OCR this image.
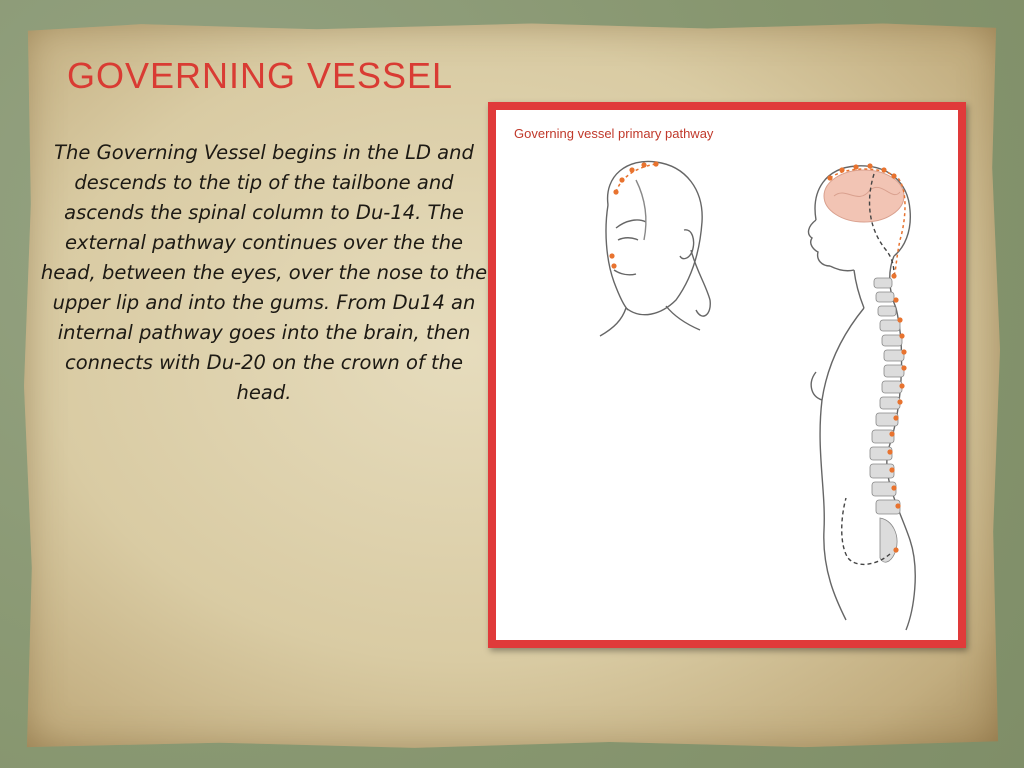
GOVERNING VESSEL
The Governing Vessel begins in the LD and descends to the tip of the tailbone and ascends the spinal column to Du-14. The external pathway continues over the the head, between the eyes, over the nose to the upper lip and into the gums. From Du14 an internal pathway goes into the brain, then connects with Du-20 on the crown of the head.
Governing vessel primary pathway
